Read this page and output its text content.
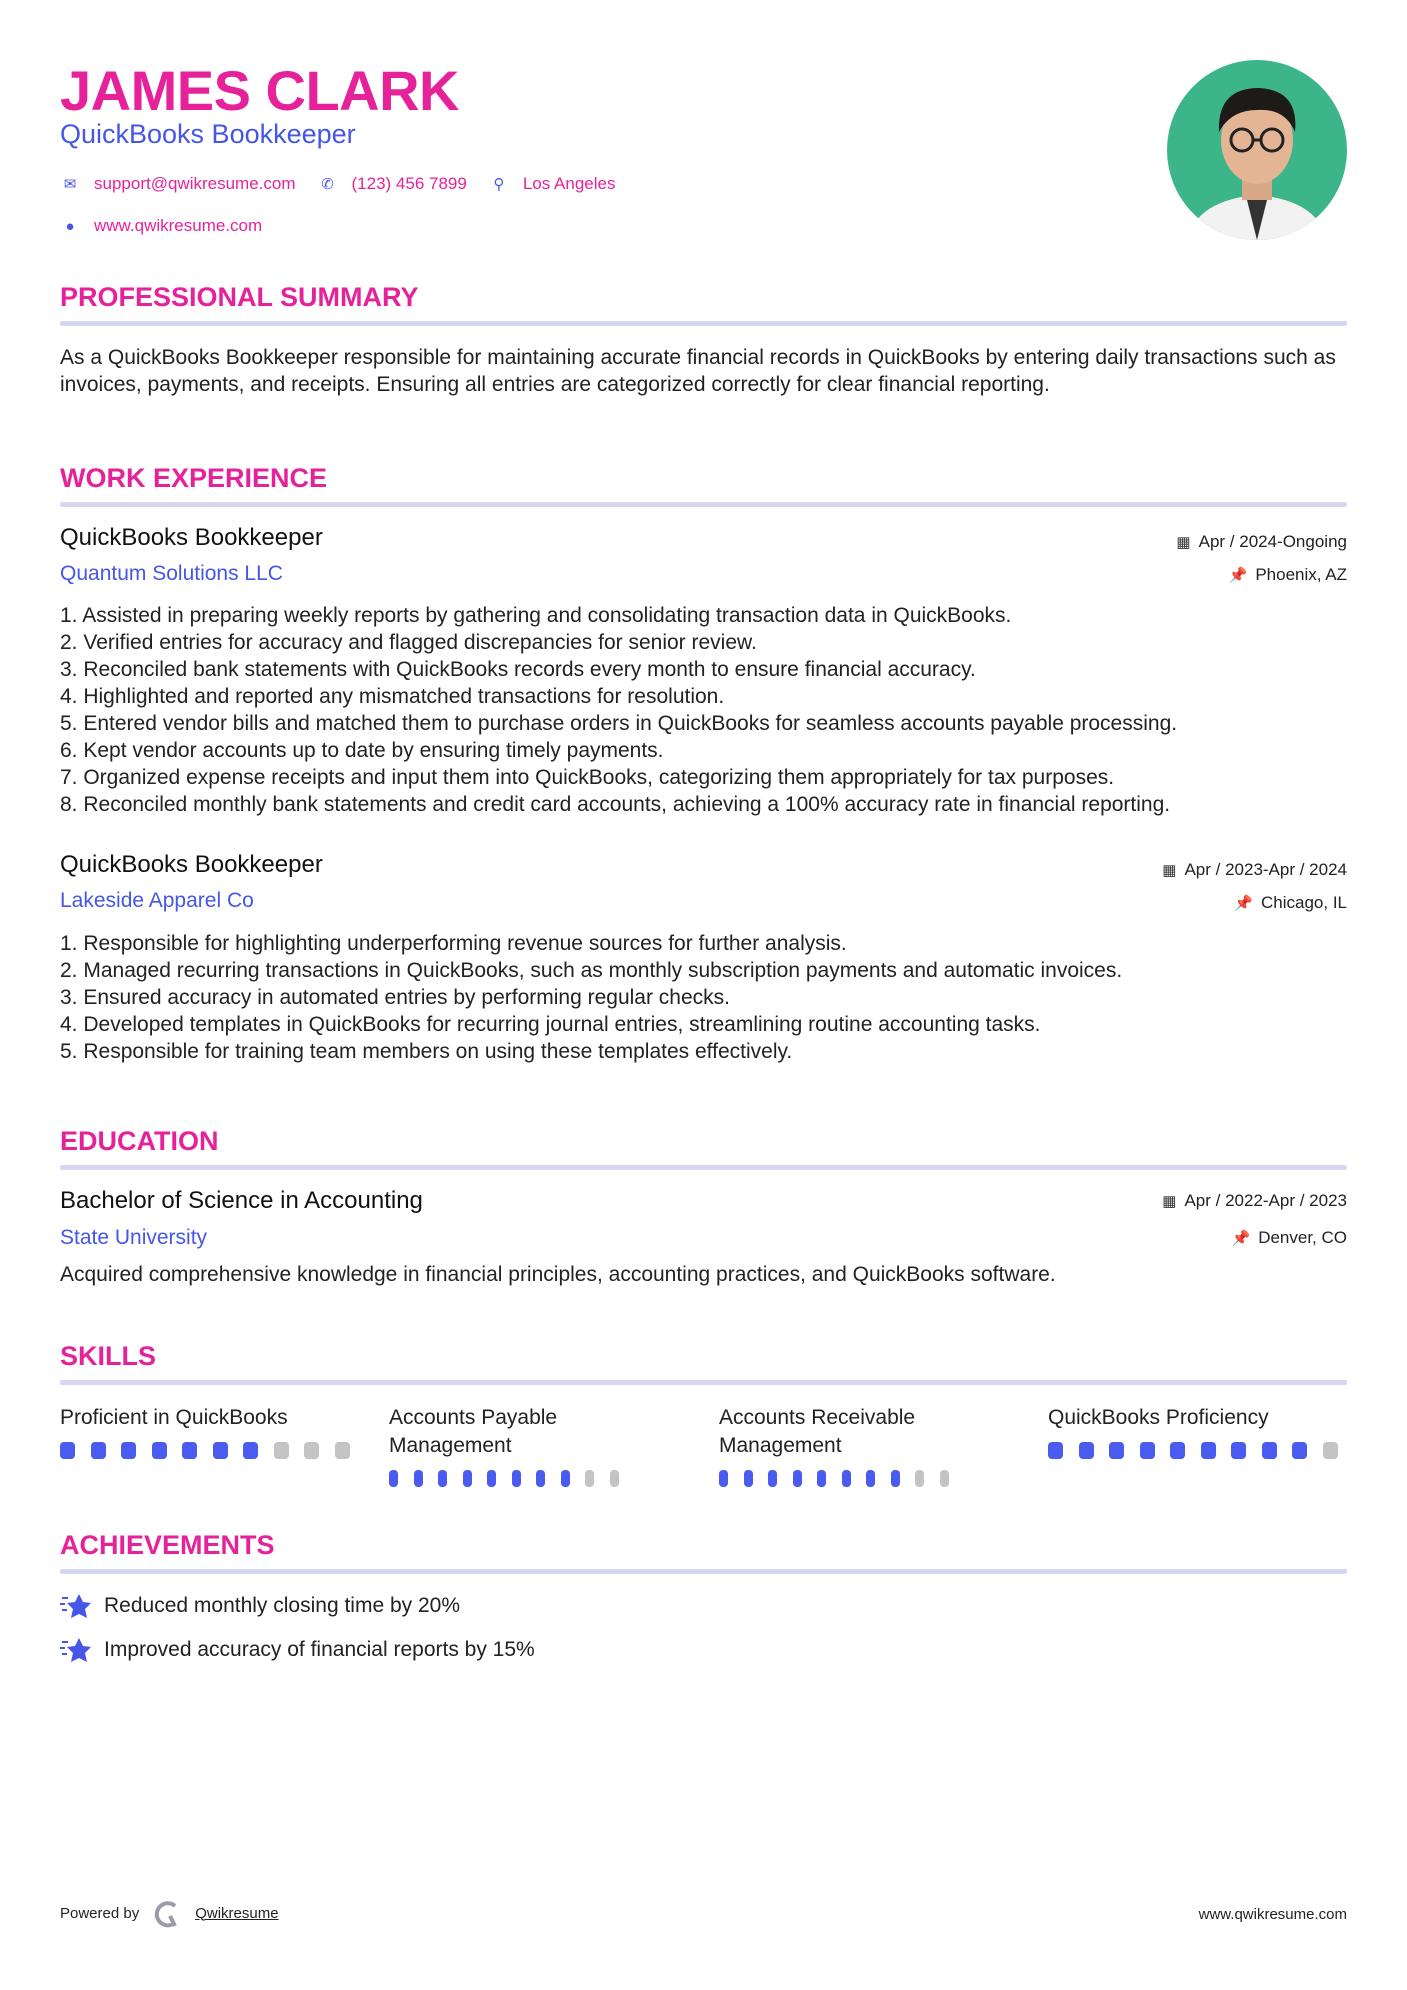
JAMES CLARK
QuickBooks Bookkeeper
✉ support@qwikresume.com ✆ (123) 456 7899	⚲ Los Angeles
●	www.qwikresume.com
PROFESSIONAL SUMMARY
As a QuickBooks Bookkeeper responsible for maintaining accurate financial records in QuickBooks by entering daily transactions such as invoices, payments, and receipts. Ensuring all entries are categorized correctly for clear financial reporting.
WORK EXPERIENCE
QuickBooks Bookkeeper
Quantum Solutions LLC
▦ Apr / 2024-Ongoing
📌 Phoenix, AZ
1. Assisted in preparing weekly reports by gathering and consolidating transaction data in QuickBooks.
2. Verified entries for accuracy and flagged discrepancies for senior review.
3. Reconciled bank statements with QuickBooks records every month to ensure financial accuracy.
4. Highlighted and reported any mismatched transactions for resolution.
5. Entered vendor bills and matched them to purchase orders in QuickBooks for seamless accounts payable processing.
6. Kept vendor accounts up to date by ensuring timely payments.
7. Organized expense receipts and input them into QuickBooks, categorizing them appropriately for tax purposes.
8. Reconciled monthly bank statements and credit card accounts, achieving a 100% accuracy rate in financial reporting.
QuickBooks Bookkeeper
Lakeside Apparel Co
▦ Apr / 2023-Apr / 2024
📌 Chicago, IL
1. Responsible for highlighting underperforming revenue sources for further analysis.
2. Managed recurring transactions in QuickBooks, such as monthly subscription payments and automatic invoices.
3. Ensured accuracy in automated entries by performing regular checks.
4. Developed templates in QuickBooks for recurring journal entries, streamlining routine accounting tasks.
5. Responsible for training team members on using these templates effectively.
EDUCATION
Bachelor of Science in Accounting
State University
▦ Apr / 2022-Apr / 2023
📌 Denver, CO
Acquired comprehensive knowledge in financial principles, accounting practices, and QuickBooks software.
SKILLS
Proficient in QuickBooks	Accounts Payable Management
Accounts Receivable Management
QuickBooks Proficiency
ACHIEVEMENTS
Reduced monthly closing time by 20%
Improved accuracy of financial reports by 15%
Powered by	Qwikresume	www.qwikresume.com
